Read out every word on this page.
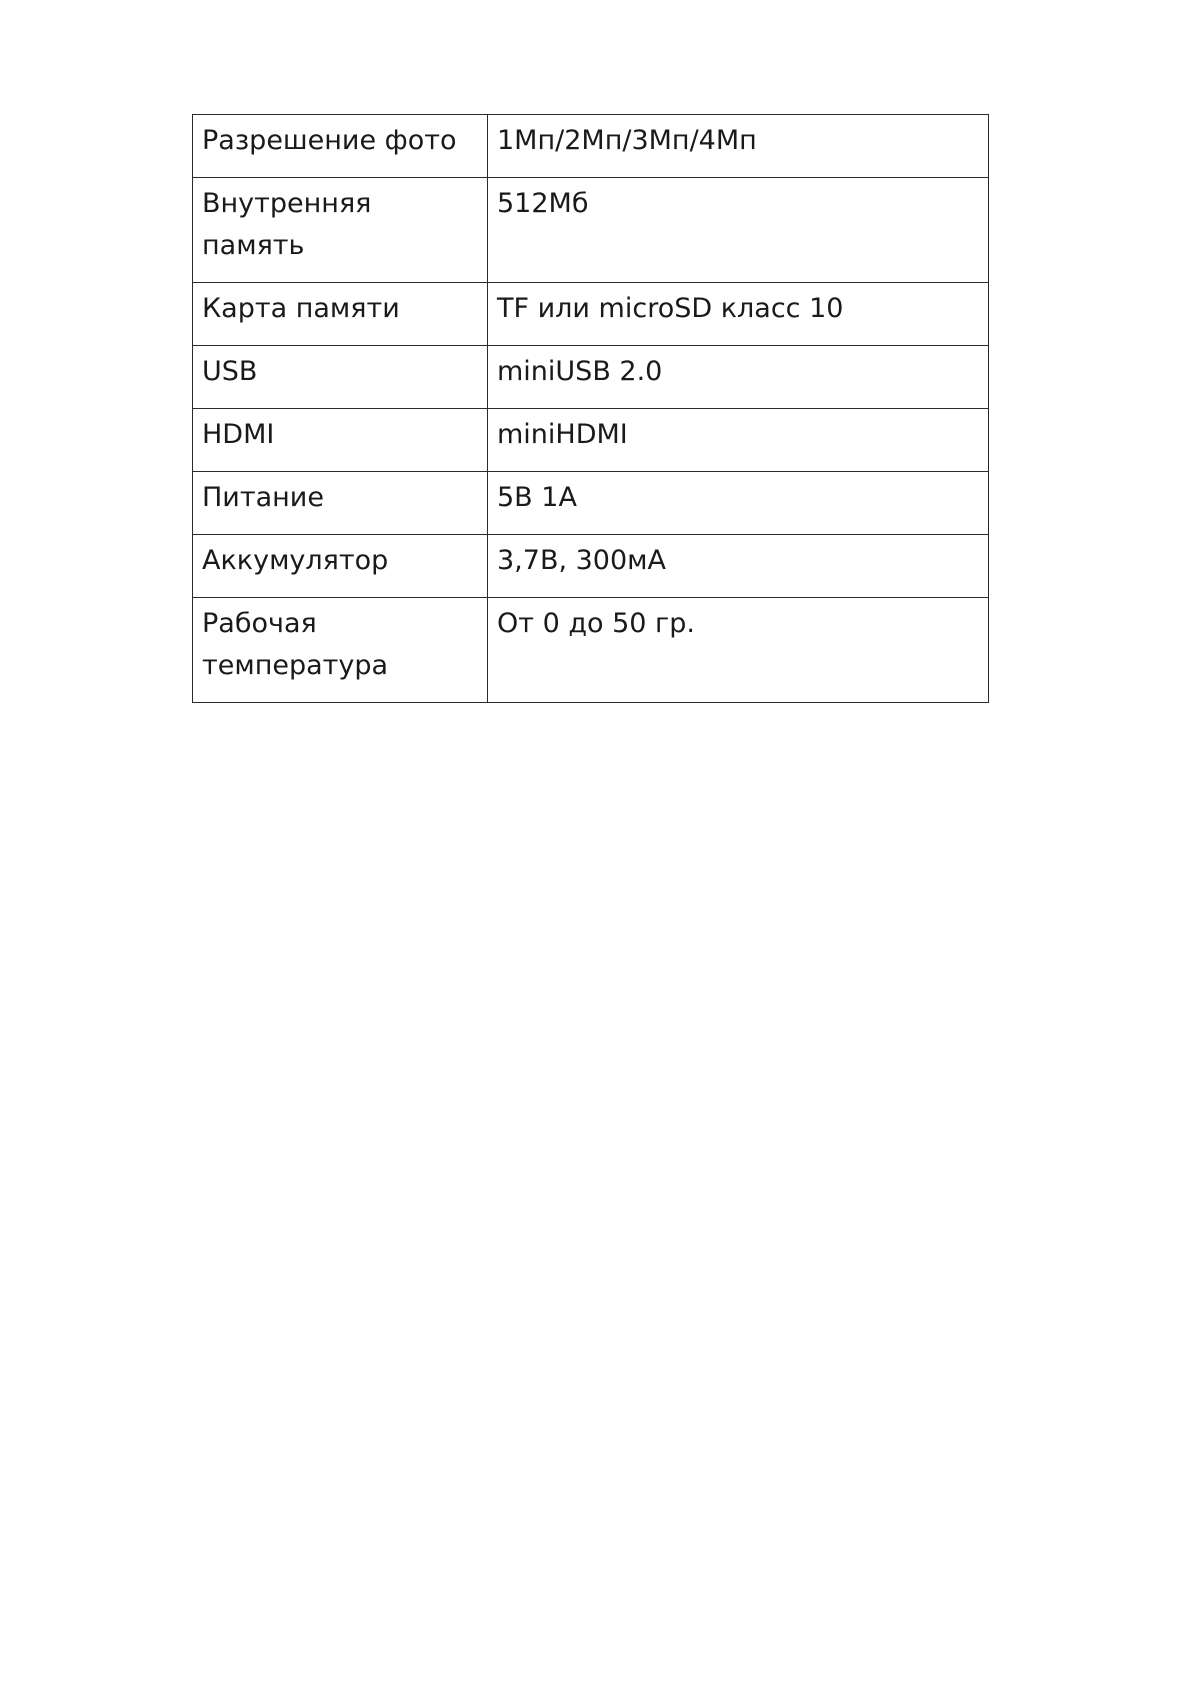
Разрешение фото	1Мп/2Мп/3Мп/4Мп
Внутренняя память	512Мб
Карта памяти	TF или microSD класс 10
USB	miniUSB 2.0
HDMI	miniHDMI
Питание	5В 1А
Аккумулятор	3,7В, 300мА
Рабочая температура	От 0 до 50 гр.
